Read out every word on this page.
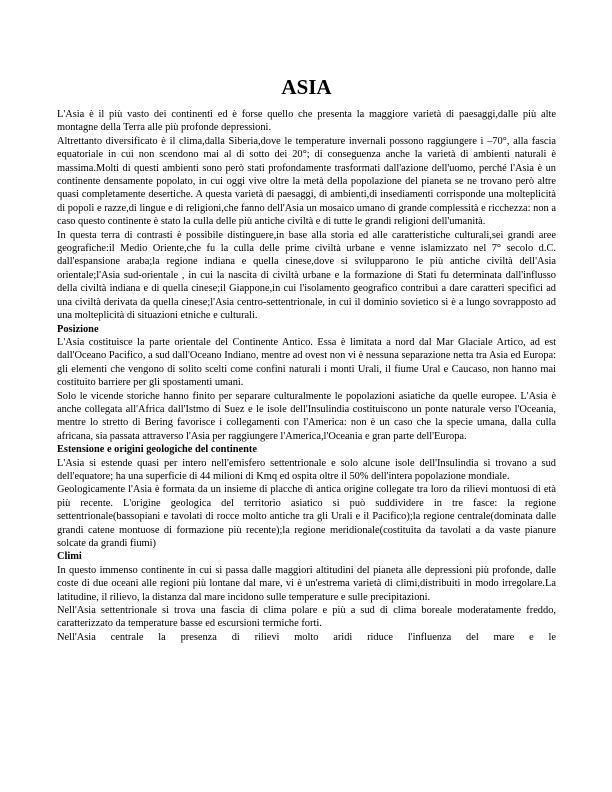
ASIA

L'Asia è il più vasto dei continenti ed è forse quello che presenta la maggiore varietà di paesaggi,dalle più alte montagne della Terra alle più profonde depressioni.

Altrettanto diversificato è il clima,dalla Siberia,dove le temperature invernali possono raggiungere i –70°, alla fascia equatoriale in cui non scendono mai al di sotto dei 20°; di conseguenza anche la varietà di ambienti naturali è massima.Molti di questi ambienti sono però stati profondamente trasformati dall'azione dell'uomo, perché l'Asia è un continente densamente popolato, in cui oggi vive oltre la metà della popolazione del pianeta se ne trovano però altre quasi completamente desertiche. A questa varietà di paesaggi, di ambienti,di insediamenti corrisponde una molteplicità di popoli e razze,di lingue e di religioni,che fanno dell'Asia un mosaico umano di grande complessità e ricchezza: non a caso questo continente è stato la culla delle più antiche civiltà e di tutte le grandi religioni dell'umanità.

In questa terra di contrasti è possibile distinguere,in base alla storia ed alle caratteristiche culturali,sei grandi aree geografiche:il Medio Oriente,che fu la culla delle prime civiltà urbane e venne islamizzato nel 7° secolo d.C. dall'espansione araba;la regione indiana e quella cinese,dove si svilupparono le più antiche civiltà dell'Asia orientale;l'Asia sud-orientale , in cui la nascita di civiltà urbane e la formazione di Stati fu determinata dall'influsso della civiltà indiana e di quella cinese;il Giappone,in cui l'isolamento geografico contribuì a dare caratteri specifici ad una civiltà derivata da quella cinese;l'Asia centro-settentrionale, in cui il dominio sovietico si è a lungo sovrapposto ad una molteplicità di situazioni etniche e culturali.

Posizione

L'Asia costituisce la parte orientale del Continente Antico. Essa è limitata a nord dal Mar Glaciale Artico, ad est dall'Oceano Pacifico, a sud dall'Oceano Indiano, mentre ad ovest non vi è nessuna separazione netta tra Asia ed Europa: gli elementi che vengono di solito scelti come confini naturali i monti Urali, il fiume Ural e Caucaso, non hanno mai costituito barriere per gli spostamenti umani.

Solo le vicende storiche hanno finito per separare culturalmente le popolazioni asiatiche da quelle europee. L'Asia è anche collegata all'Africa dall'Istmo di Suez e le isole dell'Insulindia costituiscono un ponte naturale verso l'Oceania, mentre lo stretto di Bering favorisce i collegamenti con l'America: non è un caso che la specie umana, dalla culla africana, sia passata attraverso l'Asia per raggiungere l'America,l'Oceania e gran parte dell'Europa.

Estensione e origini geologiche del continente

L'Asia si estende quasi per intero nell'emisfero settentrionale e solo alcune isole dell'Insulindia si trovano a sud dell'equatore; ha una superficie di 44 milioni di Kmq ed ospita oltre il 50% dell'intera popolazione mondiale.

Geologicamente l'Asia è formata da un insieme di placche di antica origine collegate tra loro da rilievi montuosi di età più recente. L'origine geologica del territorio asiatico si può suddividere in tre fasce: la regione settentrionale(bassopiani e tavolati di rocce molto antiche tra gli Urali e il Pacifico);la regione centrale(dominata dalle grandi catene montuose di formazione più recente);la regione meridionale(costituita da tavolati a da vaste pianure solcate da grandi fiumi)

Climi

In questo immenso continente in cui si passa dalle maggiori altitudini del pianeta alle depressioni più profonde, dalle coste di due oceani alle regioni più lontane dal mare, vi è un'estrema varietà di climi,distribuiti in modo irregolare.La latitudine, il rilievo, la distanza dal mare incidono sulle temperature e sulle precipitazioni.

Nell'Asia settentrionale si trova una fascia di clima polare e più a sud di clima boreale moderatamente freddo, caratterizzato da temperature basse ed escursioni termiche forti.

Nell'Asia centrale la presenza di rilievi molto aridi riduce l'influenza del mare e le
